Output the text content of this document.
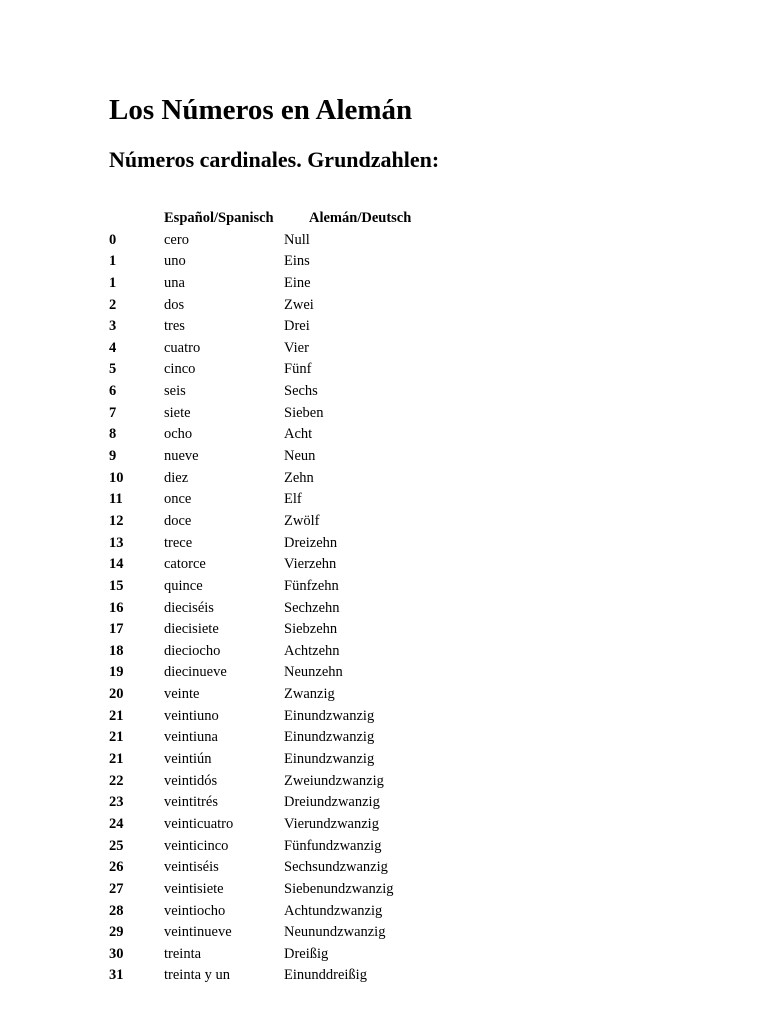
Los Números en Alemán
Números cardinales. Grundzahlen:
Español/Spanisch	Alemán/Deutsch
0	cero	Null
1	uno	Eins
1	una	Eine
2	dos	Zwei
3	tres	Drei
4	cuatro	Vier
5	cinco	Fünf
6	seis	Sechs
7	siete	Sieben
8	ocho	Acht
9	nueve	Neun
10	diez	Zehn
11	once	Elf
12	doce	Zwölf
13	trece	Dreizehn
14	catorce	Vierzehn
15	quince	Fünfzehn
16	dieciséis	Sechzehn
17	diecisiete	Siebzehn
18	dieciocho	Achtzehn
19	diecinueve	Neunzehn
20	veinte	Zwanzig
21	veintiuno	Einundzwanzig
21	veintiuna	Einundzwanzig
21	veintiún	Einundzwanzig
22	veintidós	Zweiundzwanzig
23	veintitrés	Dreiundzwanzig
24	veinticuatro	Vierundzwanzig
25	veinticinco	Fünfundzwanzig
26	veintiséis	Sechsundzwanzig
27	veintisiete	Siebenundzwanzig
28	veintiocho	Achtundzwanzig
29	veintinueve	Neunundzwanzig
30	treinta	Dreißig
31	treinta y un	Einunddreißig
